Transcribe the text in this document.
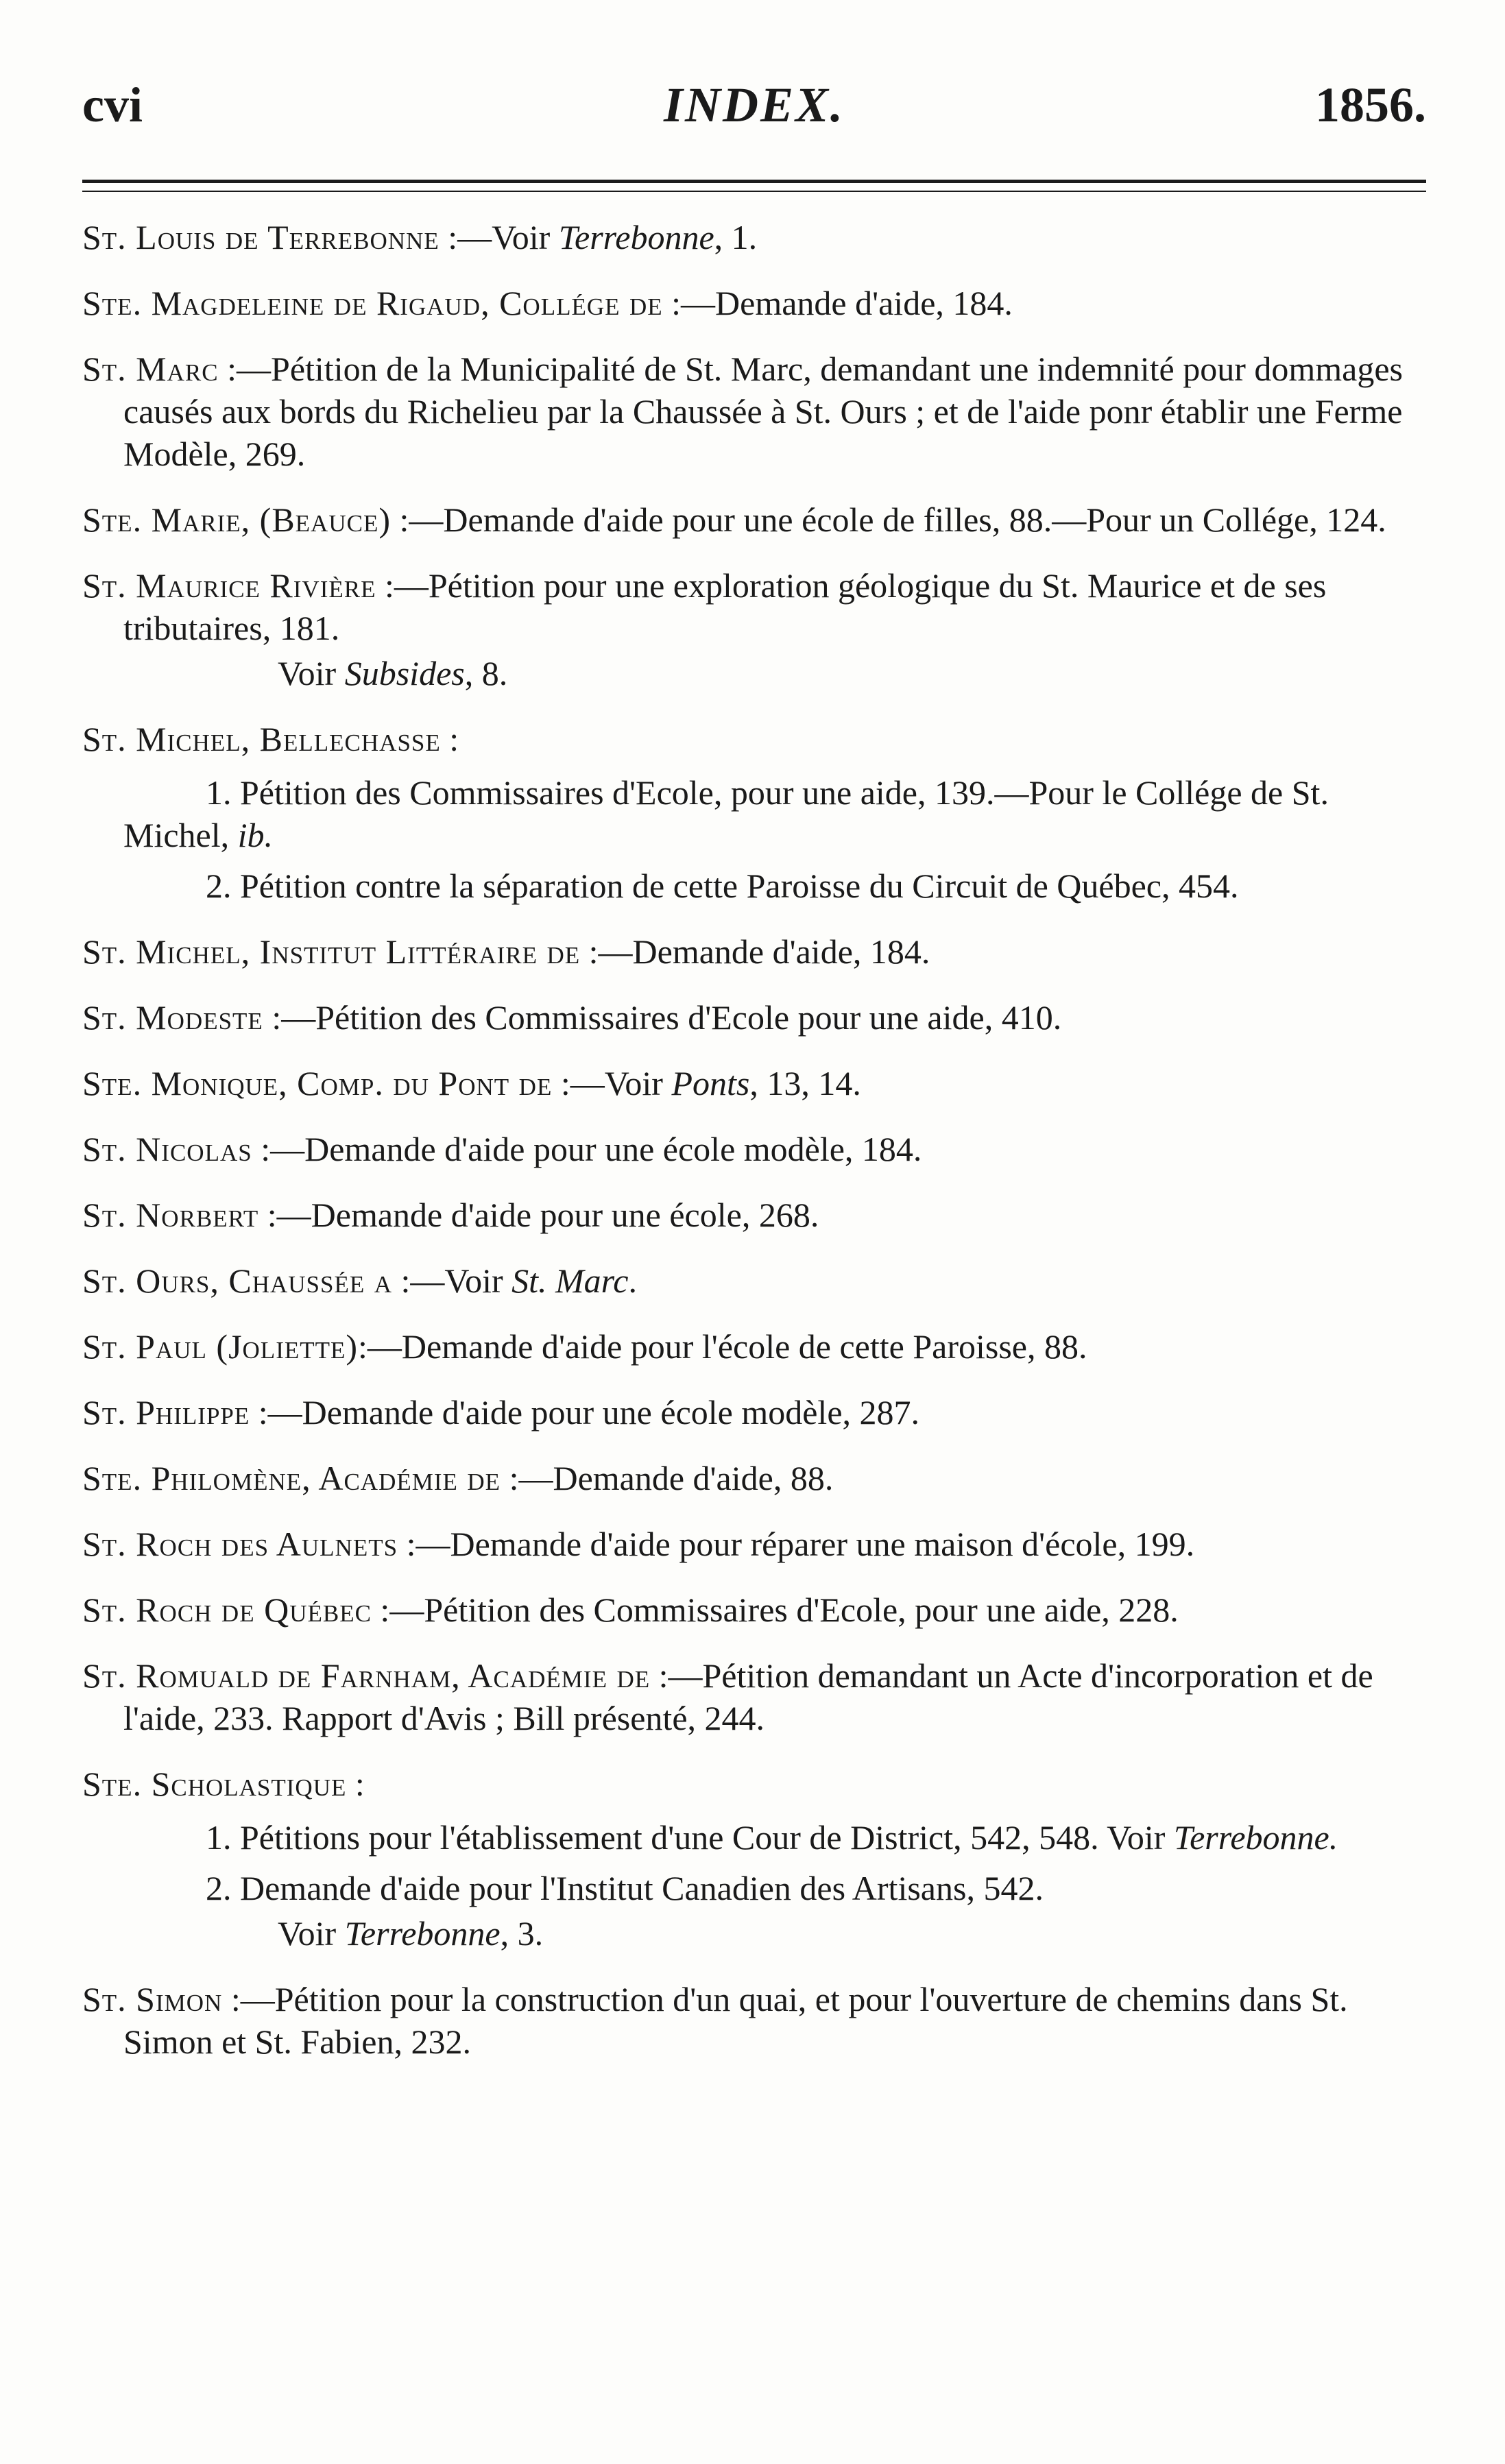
cvi	INDEX.	1856.

St. Louis de Terrebonne :—Voir Terrebonne, 1.

Ste. Magdeleine de Rigaud, Collége de :—Demande d'aide, 184.

St. Marc :—Pétition de la Municipalité de St. Marc, demandant une indemnité pour dommages causés aux bords du Richelieu par la Chaussée à St. Ours ; et de l'aide ponr établir une Ferme Modèle, 269.

Ste. Marie, (Beauce) :—Demande d'aide pour une école de filles, 88.—Pour un Collége, 124.

St. Maurice Rivière :—Pétition pour une exploration géologique du St. Maurice et de ses tributaires, 181.

Voir Subsides, 8.

St. Michel, Bellechasse :

1. Pétition des Commissaires d'Ecole, pour une aide, 139.—Pour le Collége de St. Michel, ib.

2. Pétition contre la séparation de cette Paroisse du Circuit de Québec, 454.

St. Michel, Institut Littéraire de :—Demande d'aide, 184.

St. Modeste :—Pétition des Commissaires d'Ecole pour une aide, 410.

Ste. Monique, Comp. du Pont de :—Voir Ponts, 13, 14.

St. Nicolas :—Demande d'aide pour une école modèle, 184.

St. Norbert :—Demande d'aide pour une école, 268.

St. Ours, Chaussée a :—Voir St. Marc.

St. Paul (Joliette):—Demande d'aide pour l'école de cette Paroisse, 88.

St. Philippe :—Demande d'aide pour une école modèle, 287.

Ste. Philomène, Académie de :—Demande d'aide, 88.

St. Roch des Aulnets :—Demande d'aide pour réparer une maison d'école, 199.

St. Roch de Québec :—Pétition des Commissaires d'Ecole, pour une aide, 228.

St. Romuald de Farnham, Académie de :—Pétition demandant un Acte d'incorporation et de l'aide, 233. Rapport d'Avis ; Bill présenté, 244.

Ste. Scholastique :

1. Pétitions pour l'établissement d'une Cour de District, 542, 548. Voir Terrebonne.

2. Demande d'aide pour l'Institut Canadien des Artisans, 542.

Voir Terrebonne, 3.

St. Simon :—Pétition pour la construction d'un quai, et pour l'ouverture de chemins dans St. Simon et St. Fabien, 232.
